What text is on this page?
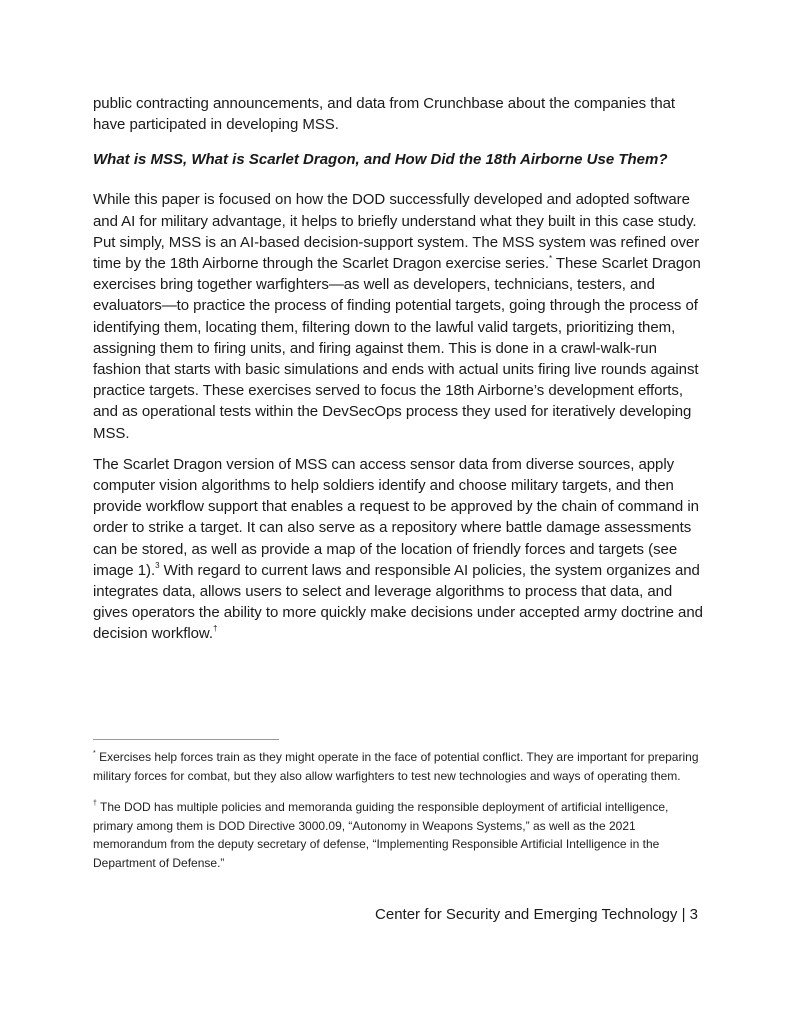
public contracting announcements, and data from Crunchbase about the companies that have participated in developing MSS.

What is MSS, What is Scarlet Dragon, and How Did the 18th Airborne Use Them?

While this paper is focused on how the DOD successfully developed and adopted software and AI for military advantage, it helps to briefly understand what they built in this case study. Put simply, MSS is an AI-based decision-support system. The MSS system was refined over time by the 18th Airborne through the Scarlet Dragon exercise series.* These Scarlet Dragon exercises bring together warfighters—as well as developers, technicians, testers, and evaluators—to practice the process of finding potential targets, going through the process of identifying them, locating them, filtering down to the lawful valid targets, prioritizing them, assigning them to firing units, and firing against them. This is done in a crawl-walk-run fashion that starts with basic simulations and ends with actual units firing live rounds against practice targets. These exercises served to focus the 18th Airborne’s development efforts, and as operational tests within the DevSecOps process they used for iteratively developing MSS.

The Scarlet Dragon version of MSS can access sensor data from diverse sources, apply computer vision algorithms to help soldiers identify and choose military targets, and then provide workflow support that enables a request to be approved by the chain of command in order to strike a target. It can also serve as a repository where battle damage assessments can be stored, as well as provide a map of the location of friendly forces and targets (see image 1).$^3$ With regard to current laws and responsible AI policies, the system organizes and integrates data, allows users to select and leverage algorithms to process that data, and gives operators the ability to more quickly make decisions under accepted army doctrine and decision workflow.†

* Exercises help forces train as they might operate in the face of potential conflict. They are important for preparing military forces for combat, but they also allow warfighters to test new technologies and ways of operating them.

† The DOD has multiple policies and memoranda guiding the responsible deployment of artificial intelligence, primary among them is DOD Directive 3000.09, “Autonomy in Weapons Systems,” as well as the 2021 memorandum from the deputy secretary of defense, “Implementing Responsible Artificial Intelligence in the Department of Defense.”

Center for Security and Emerging Technology | 3
